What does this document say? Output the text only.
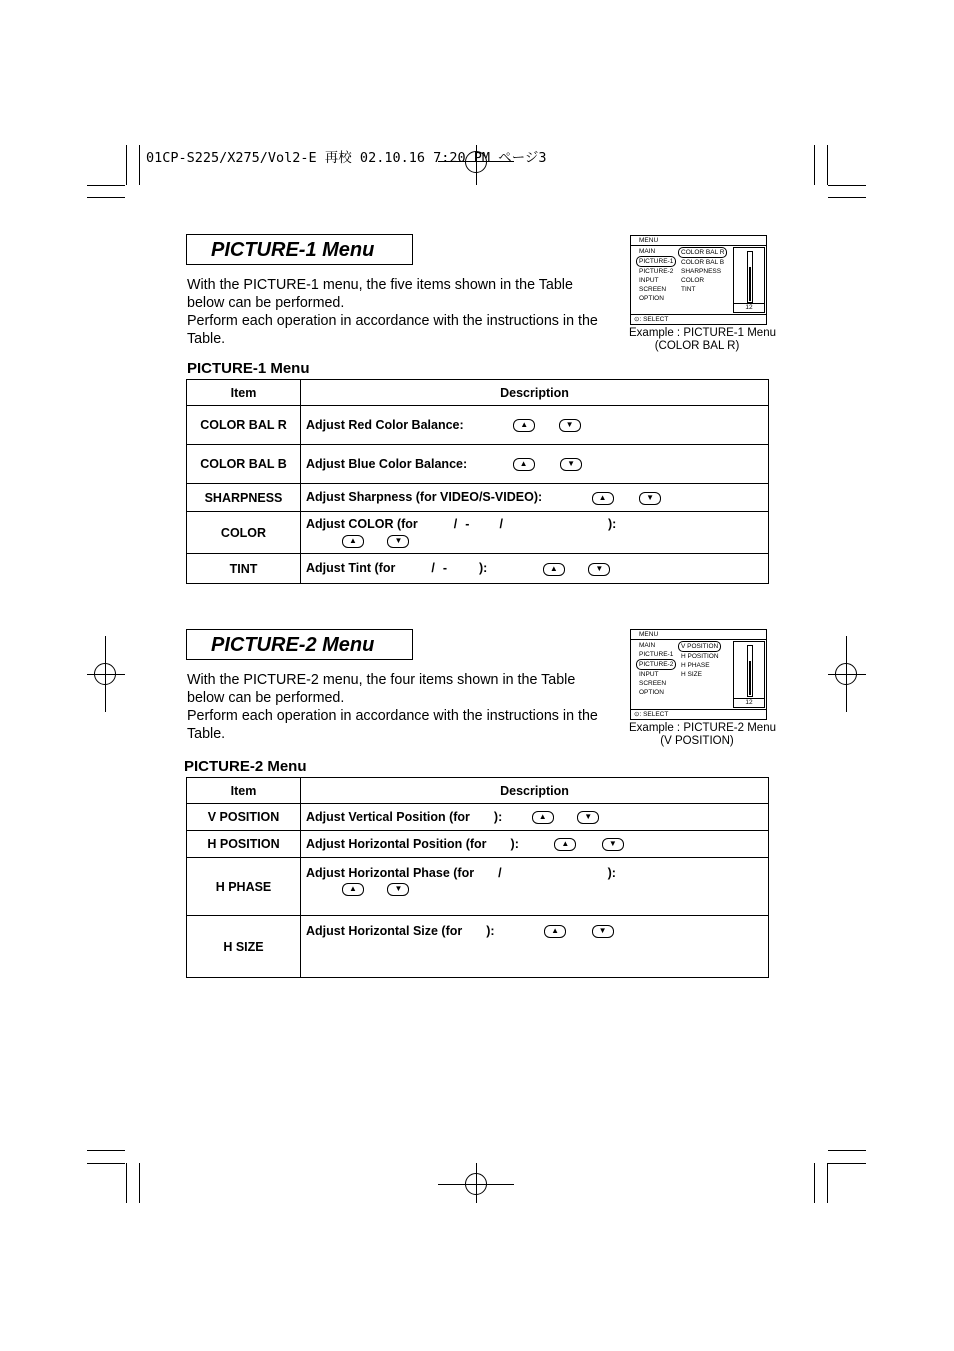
01CP-S225/X275/Vol2-E 再校 02.10.16 7:20 PM ページ3
PICTURE-1 Menu
With the PICTURE-1 menu, the five items shown in the Table
below can be performed.
Perform each operation in accordance with the instructions in the
Table.
MENU
MAIN
PICTURE-1
PICTURE-2
INPUT
SCREEN
OPTION
COLOR BAL R
COLOR BAL B
SHARPNESS
COLOR
TINT
12
⊙: SELECT
Example : PICTURE-1 Menu
(COLOR BAL R)
PICTURE-1 Menu
Item	Description
COLOR BAL R	Adjust Red Color Balance: ▲
▼

COLOR BAL B	Adjust Blue Color Balance: ▲
▼

SHARPNESS	Adjust Sharpness (for VIDEO/S-VIDEO): ▲
▼

COLOR	Adjust COLOR (for / - / ):
▲
▼

TINT	Adjust Tint (for / - ): ▲
▼
PICTURE-2 Menu
With the PICTURE-2 menu, the four items shown in the Table
below can be performed.
Perform each operation in accordance with the instructions in the
Table.
MENU
MAIN
PICTURE-1
PICTURE-2
INPUT
SCREEN
OPTION
V POSITION
H POSITION
H PHASE
H SIZE
12
⊙: SELECT
Example : PICTURE-2 Menu
(V POSITION)
PICTURE-2 Menu
Item	Description
V POSITION	Adjust Vertical Position (for ): ▲
▼

H POSITION	Adjust Horizontal Position (for ): ▲
▼

H PHASE	Adjust Horizontal Phase (for / ):
▲
▼

H SIZE	Adjust Horizontal Size (for ): ▲
▼
